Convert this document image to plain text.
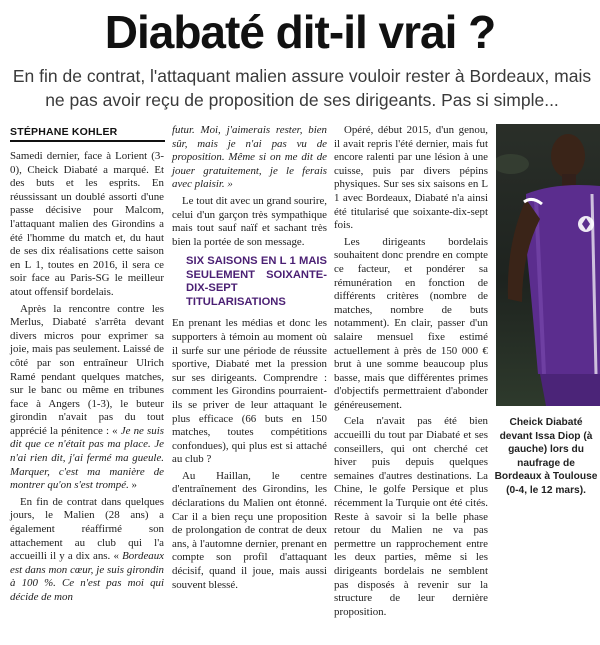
Diabaté dit-il vrai ?
En fin de contrat, l'attaquant malien assure vouloir rester à Bordeaux, mais ne pas avoir reçu de proposition de ses dirigeants. Pas si simple...
STÉPHANE KOHLER

Samedi dernier, face à Lorient (3-0), Cheick Diabaté a marqué. Et des buts et les esprits. En réussissant un doublé assorti d'une passe décisive pour Malcom, l'attaquant malien des Girondins a été l'homme du match et, du haut de ses dix réalisations cette saison en L 1, toutes en 2016, il sera ce soir face au Paris-SG le meilleur atout offensif bordelais.

Après la rencontre contre les Merlus, Diabaté s'arrêta devant divers micros pour exprimer sa joie, mais pas seulement. Laissé de côté par son entraîneur Ulrich Ramé pendant quelques matches, sur le banc ou même en tribunes face à Angers (1-3), le buteur girondin n'avait pas du tout apprécié la pénitence : « Je ne suis dit que ce n'était pas ma place. Je n'ai rien dit, j'ai fermé ma gueule. Marquer, c'est ma manière de montrer qu'on s'est trompé. »

En fin de contrat dans quelques jours, le Malien (28 ans) a également réaffirmé son attachement au club qui l'a accueilli il y a dix ans. « Bordeaux est dans mon cœur, je suis girondin à 100 %. Ce n'est pas moi qui décide de mon

futur. Moi, j'aimerais rester, bien sûr, mais je n'ai pas vu de proposition. Même si on me dit de jouer gratuitement, je le ferais avec plaisir. »

Le tout dit avec un grand sourire, celui d'un garçon très sympathique mais tout sauf naïf et sachant très bien la portée de son message.

SIX SAISONS EN L 1 MAIS SEULEMENT SOIXANTE-DIX-SEPT TITULARISATIONS

En prenant les médias et donc les supporters à témoin au moment où il surfe sur une période de réussite sportive, Diabaté met la pression sur ses dirigeants. Comprendre : comment les Girondins pourraient-ils se priver de leur attaquant le plus efficace (66 buts en 150 matches, toutes compétitions confondues), qui plus est si attaché au club ?

Au Haillan, le centre d'entraînement des Girondins, les déclarations du Malien ont étonné. Car il a bien reçu une proposition de prolongation de contrat de deux ans, à l'automne dernier, prenant en compte son profil d'attaquant décisif, quand il joue, mais aussi souvent blessé.

Opéré, début 2015, d'un genou, il avait repris l'été dernier, mais fut encore ralenti par une lésion à une cuisse, puis par divers pépins physiques. Sur ses six saisons en L 1 avec Bordeaux, Diabaté n'a ainsi été titularisé que soixante-dix-sept fois.

Les dirigeants bordelais souhaitent donc prendre en compte ce facteur, et pondérer sa rémunération en fonction de différents critères (nombre de matches, nombre de buts notamment). En clair, passer d'un salaire mensuel fixe estimé actuellement à près de 150 000 € brut à une somme beaucoup plus basse, mais que différentes primes d'objectifs permettraient d'abonder généreusement.

Cela n'avait pas été bien accueilli du tout par Diabaté et ses conseillers, qui ont cherché cet hiver puis depuis quelques semaines d'autres destinations. La Chine, le golfe Persique et plus récemment la Turquie ont été cités. Reste à savoir si la belle phase retour du Malien ne va pas permettre un rapprochement entre les deux parties, même si les dirigeants bordelais ne semblent pas disposés à revenir sur la structure de leur dernière proposition.

Cheick Diabaté devant Issa Diop (à gauche) lors du naufrage de Bordeaux à Toulouse (0-4, le 12 mars).
